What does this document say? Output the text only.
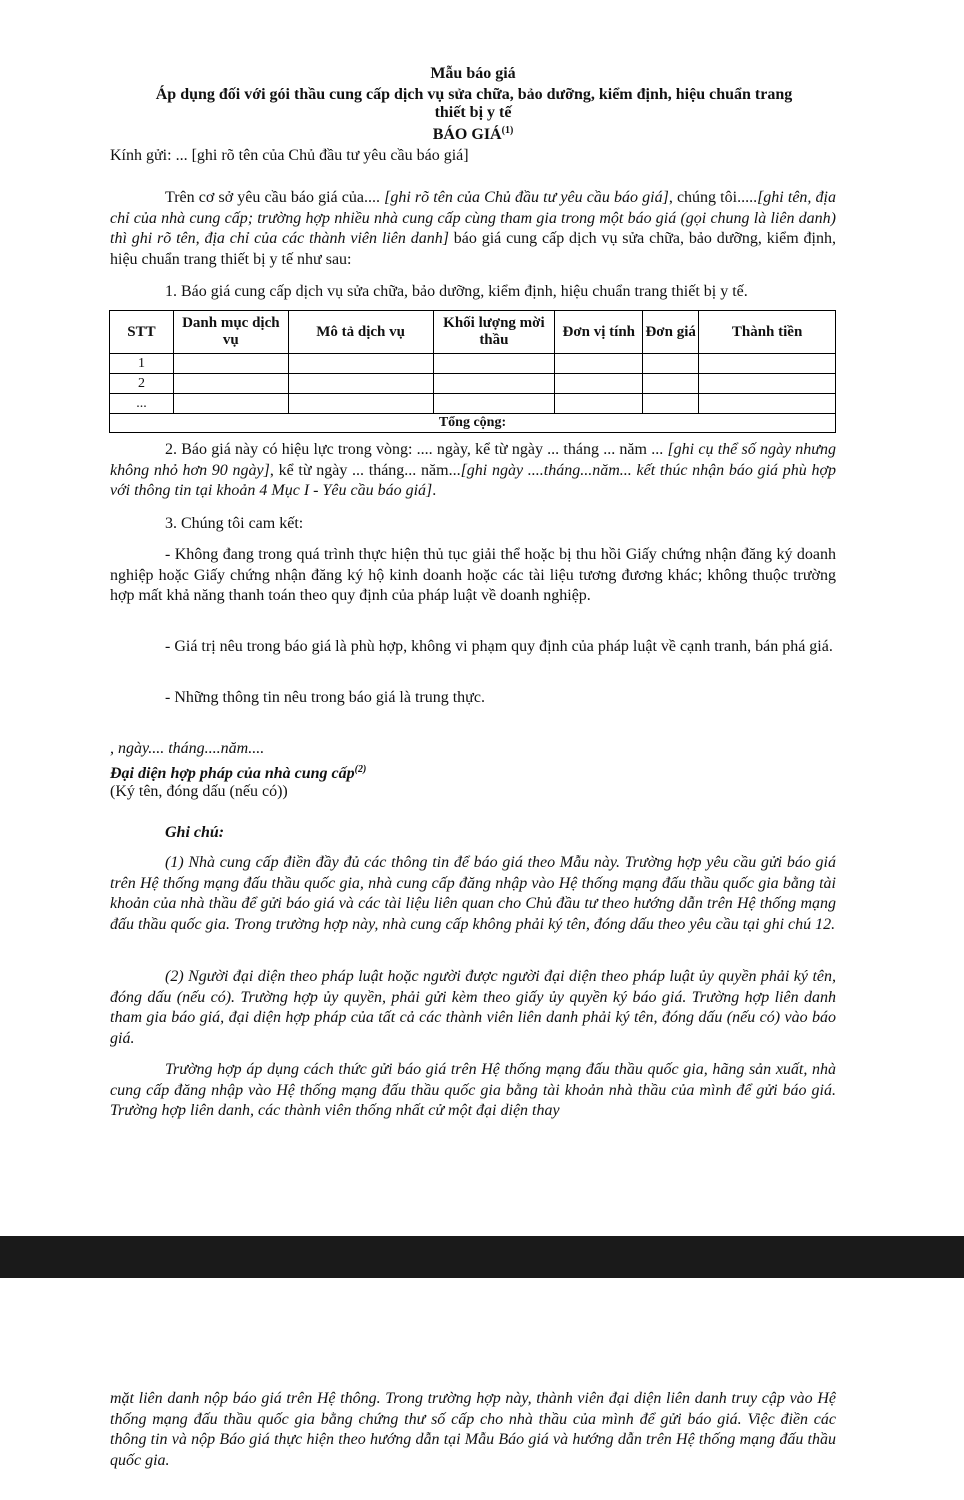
Mẫu báo giá

Áp dụng đối với gói thầu cung cấp dịch vụ sửa chữa, bảo dưỡng, kiểm định, hiệu chuẩn trang

thiết bị y tế

BÁO GIÁ$^{(1)}$

Kính gửi: ... [ghi rõ tên của Chủ đầu tư yêu cầu báo giá]

Trên cơ sở yêu cầu báo giá của.... [ghi rõ tên của Chủ đầu tư yêu cầu báo giá], chúng tôi.....[ghi tên, địa chỉ của nhà cung cấp; trường hợp nhiều nhà cung cấp cùng tham gia trong một báo giá (gọi chung là liên danh) thì ghi rõ tên, địa chỉ của các thành viên liên danh] báo giá cung cấp dịch vụ sửa chữa, bảo dưỡng, kiểm định, hiệu chuẩn trang thiết bị y tế như sau:

1. Báo giá cung cấp dịch vụ sửa chữa, bảo dưỡng, kiểm định, hiệu chuẩn trang thiết bị y tế.

STT	Danh mục dịch vụ	Mô tả dịch vụ	Khối lượng mời thầu	Đơn vị tính	Đơn giá	Thành tiền
1						
2						
...						
Tổng cộng:						

2. Báo giá này có hiệu lực trong vòng: .... ngày, kể từ ngày ... tháng ... năm ... [ghi cụ thể số ngày nhưng không nhỏ hơn 90 ngày], kể từ ngày ... tháng... năm...[ghi ngày ....tháng...năm... kết thúc nhận báo giá phù hợp với thông tin tại khoản 4 Mục I - Yêu cầu báo giá].

3. Chúng tôi cam kết:

- Không đang trong quá trình thực hiện thủ tục giải thể hoặc bị thu hồi Giấy chứng nhận đăng ký doanh nghiệp hoặc Giấy chứng nhận đăng ký hộ kinh doanh hoặc các tài liệu tương đương khác; không thuộc trường hợp mất khả năng thanh toán theo quy định của pháp luật về doanh nghiệp.

- Giá trị nêu trong báo giá là phù hợp, không vi phạm quy định của pháp luật về cạnh tranh, bán phá giá.

- Những thông tin nêu trong báo giá là trung thực.

, ngày.... tháng....năm....

Đại diện hợp pháp của nhà cung cấp$^{(2)}$

(Ký tên, đóng dấu (nếu có))

Ghi chú:

(1) Nhà cung cấp điền đầy đủ các thông tin để báo giá theo Mẫu này. Trường hợp yêu cầu gửi báo giá trên Hệ thống mạng đấu thầu quốc gia, nhà cung cấp đăng nhập vào Hệ thống mạng đấu thầu quốc gia bằng tài khoản của nhà thầu để gửi báo giá và các tài liệu liên quan cho Chủ đầu tư theo hướng dẫn trên Hệ thống mạng đấu thầu quốc gia. Trong trường hợp này, nhà cung cấp không phải ký tên, đóng dấu theo yêu cầu tại ghi chú 12.

(2) Người đại diện theo pháp luật hoặc người được người đại diện theo pháp luật ủy quyền phải ký tên, đóng dấu (nếu có). Trường hợp ủy quyền, phải gửi kèm theo giấy ủy quyền ký báo giá. Trường hợp liên danh tham gia báo giá, đại diện hợp pháp của tất cả các thành viên liên danh phải ký tên, đóng dấu (nếu có) vào báo giá.

Trường hợp áp dụng cách thức gửi báo giá trên Hệ thống mạng đấu thầu quốc gia, hãng sản xuất, nhà cung cấp đăng nhập vào Hệ thống mạng đấu thầu quốc gia bằng tài khoản nhà thầu của mình để gửi báo giá. Trường hợp liên danh, các thành viên thống nhất cử một đại diện thay

mặt liên danh nộp báo giá trên Hệ thông. Trong trường hợp này, thành viên đại diện liên danh truy cập vào Hệ thống mạng đấu thầu quốc gia bằng chứng thư số cấp cho nhà thầu của mình để gửi báo giá. Việc điền các thông tin và nộp Báo giá thực hiện theo hướng dẫn tại Mẫu Báo giá và hướng dẫn trên Hệ thống mạng đấu thầu quốc gia.
